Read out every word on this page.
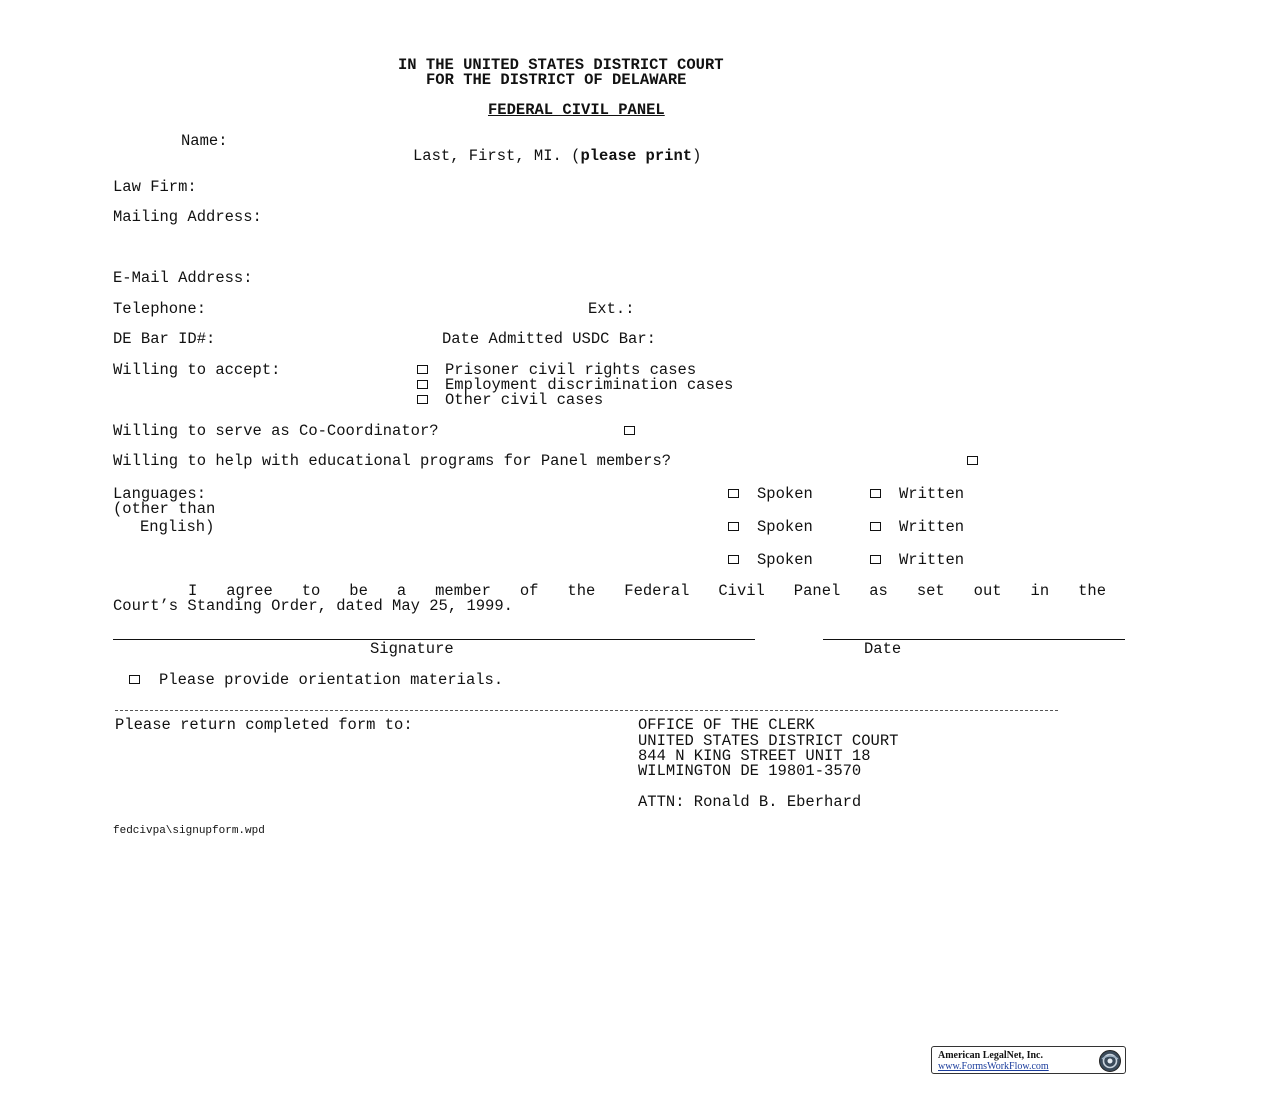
IN THE UNITED STATES DISTRICT COURT
FOR THE DISTRICT OF DELAWARE
FEDERAL CIVIL PANEL
Name:
Last, First, MI. (please print)
Law Firm:
Mailing Address:
E-Mail Address:
Telephone:	Ext.:
DE Bar ID#:	Date Admitted USDC Bar:
Willing to accept:	Prisoner civil rights cases
Employment discrimination cases
Other civil cases
Willing to serve as Co-Coordinator?
Willing to help with educational programs for Panel members?
Languages:
(other than
English)
Spoken	Written
Spoken	Written
Spoken	Written
I agree to be a member of the Federal Civil Panel as set out in the
Court’s Standing Order, dated May 25, 1999.
Signature	Date
Please provide orientation materials.
Please return completed form to:	OFFICE OF THE CLERK
UNITED STATES DISTRICT COURT
844 N KING STREET UNIT 18
WILMINGTON DE 19801-3570
ATTN: Ronald B. Eberhard
fedcivpa\signupform.wpd
American LegalNet, Inc.
www.FormsWorkFlow.com
